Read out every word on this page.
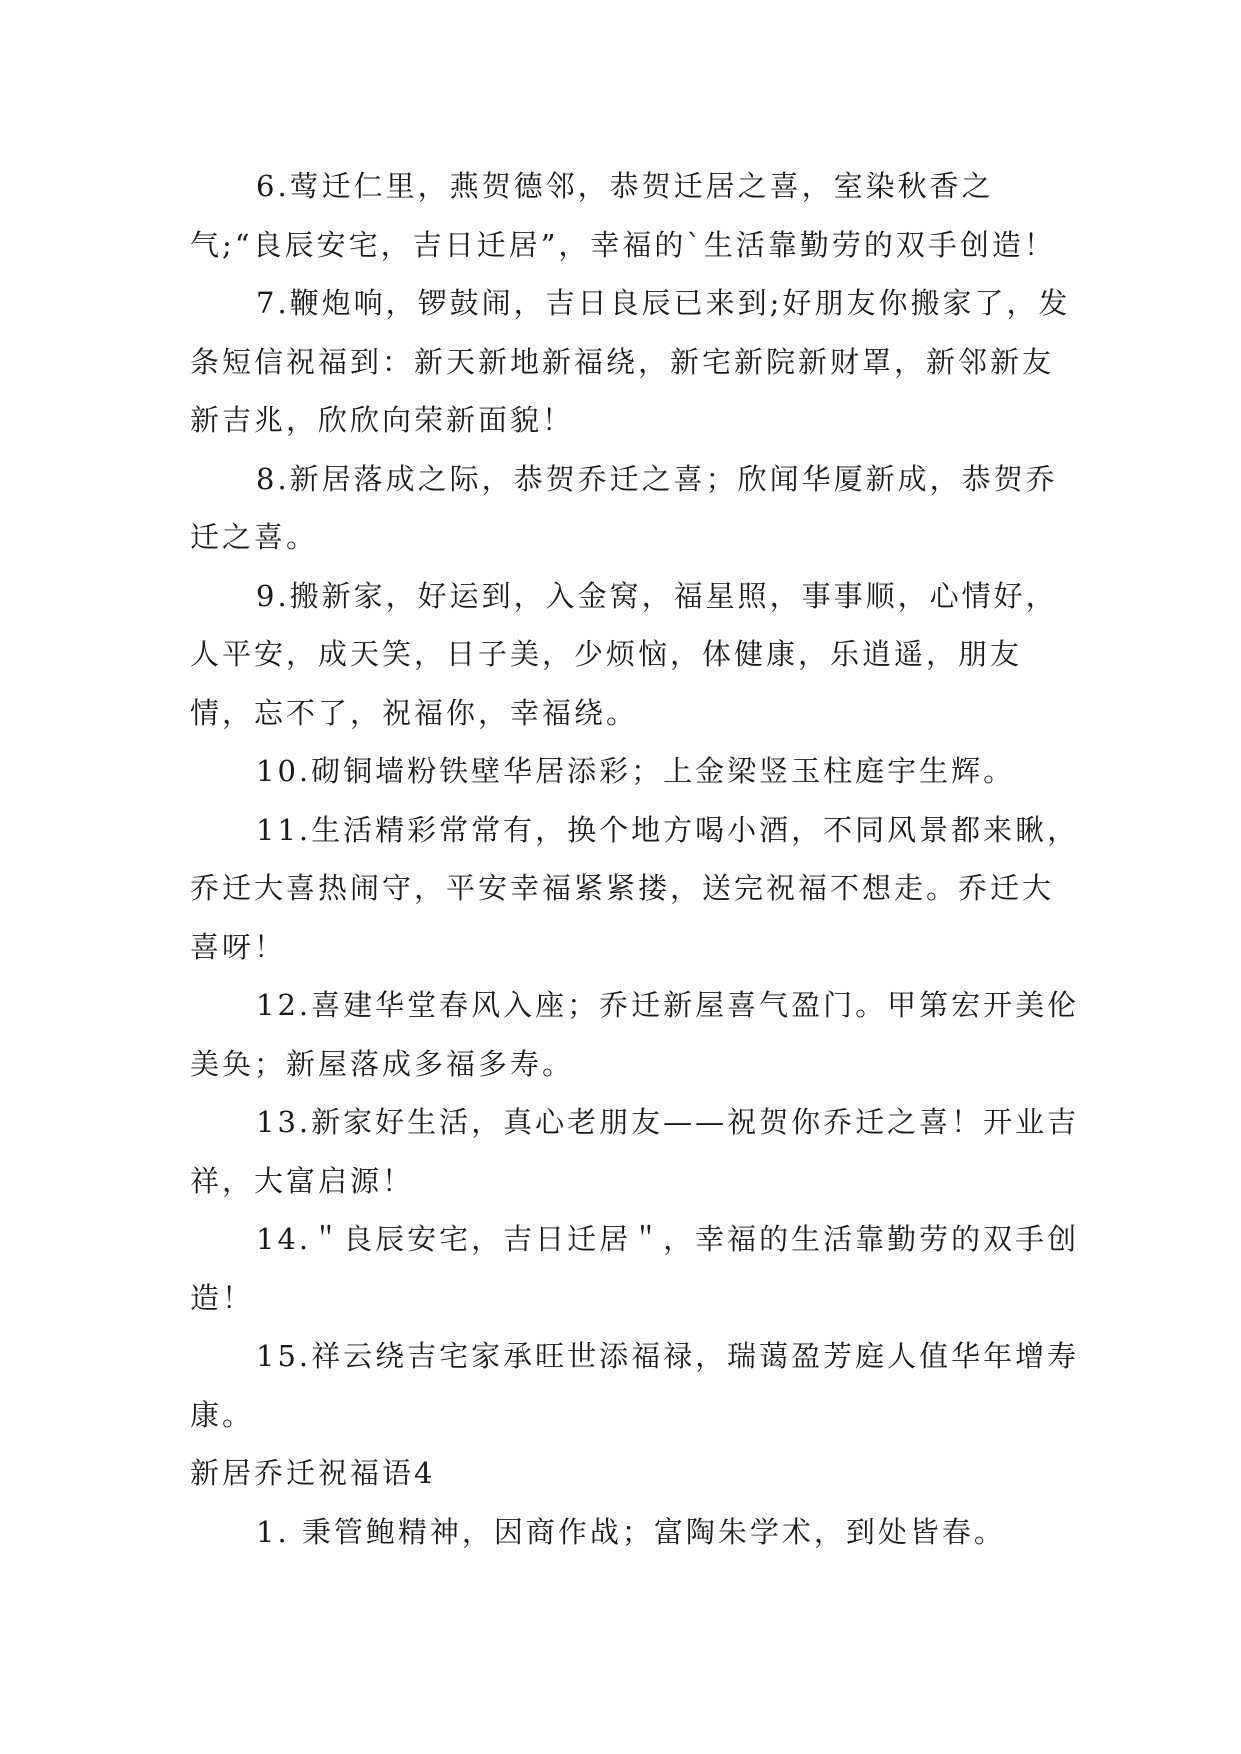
6.莺迁仁里，燕贺德邻，恭贺迁居之喜，室染秋香之气;“良辰安宅，吉日迁居”，幸福的`生活靠勤劳的双手创造！

7.鞭炮响，锣鼓闹，吉日良辰已来到;好朋友你搬家了，发条短信祝福到：新天新地新福绕，新宅新院新财罩，新邻新友新吉兆，欣欣向荣新面貌！

8.新居落成之际，恭贺乔迁之喜；欣闻华厦新成，恭贺乔迁之喜。

9.搬新家，好运到，入金窝，福星照，事事顺，心情好，人平安，成天笑，日子美，少烦恼，体健康，乐逍遥，朋友情，忘不了，祝福你，幸福绕。

10.砌铜墙粉铁壁华居添彩；上金梁竖玉柱庭宇生辉。

11.生活精彩常常有，换个地方喝小酒，不同风景都来瞅，乔迁大喜热闹守，平安幸福紧紧搂，送完祝福不想走。乔迁大喜呀！

12.喜建华堂春风入座；乔迁新屋喜气盈门。甲第宏开美伦美奂；新屋落成多福多寿。

13.新家好生活，真心老朋友——祝贺你乔迁之喜！开业吉祥，大富启源！

14.＂良辰安宅，吉日迁居＂，幸福的生活靠勤劳的双手创造！

15.祥云绕吉宅家承旺世添福禄，瑞蔼盈芳庭人值华年增寿康。

新居乔迁祝福语4

1. 秉管鲍精神，因商作战；富陶朱学术，到处皆春。
